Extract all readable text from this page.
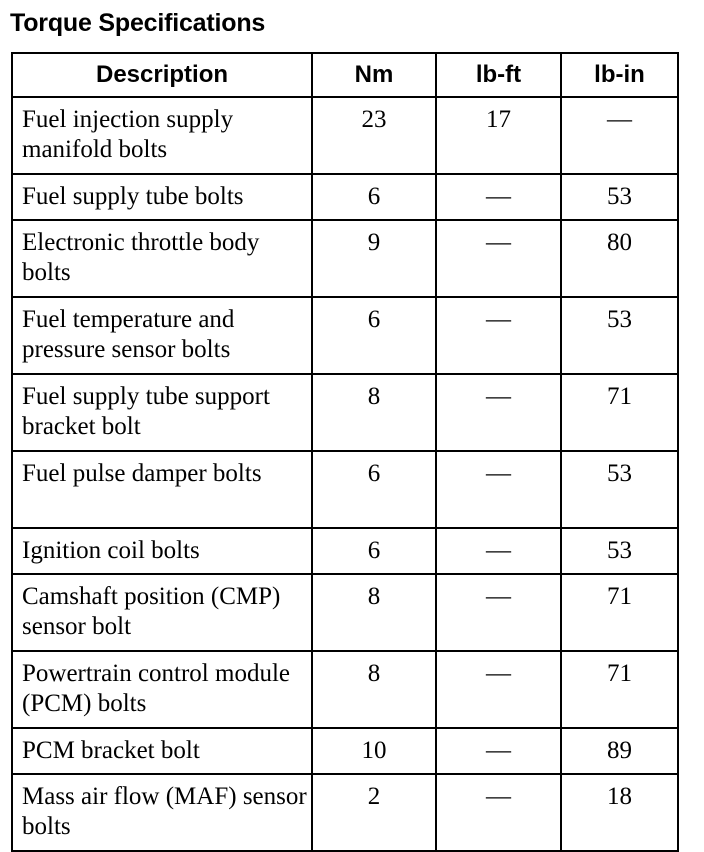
Torque Specifications
Description	Nm	lb-ft	lb-in
Fuel injection supply manifold bolts	23	17	—
Fuel supply tube bolts	6	—	53
Electronic throttle body bolts	9	—	80
Fuel temperature and pressure sensor bolts	6	—	53
Fuel supply tube support bracket bolt	8	—	71
Fuel pulse damper bolts	6	—	53
Ignition coil bolts	6	—	53
Camshaft position (CMP) sensor bolt	8	—	71
Powertrain control module (PCM) bolts	8	—	71
PCM bracket bolt	10	—	89
Mass air flow (MAF) sensor bolts	2	—	18
